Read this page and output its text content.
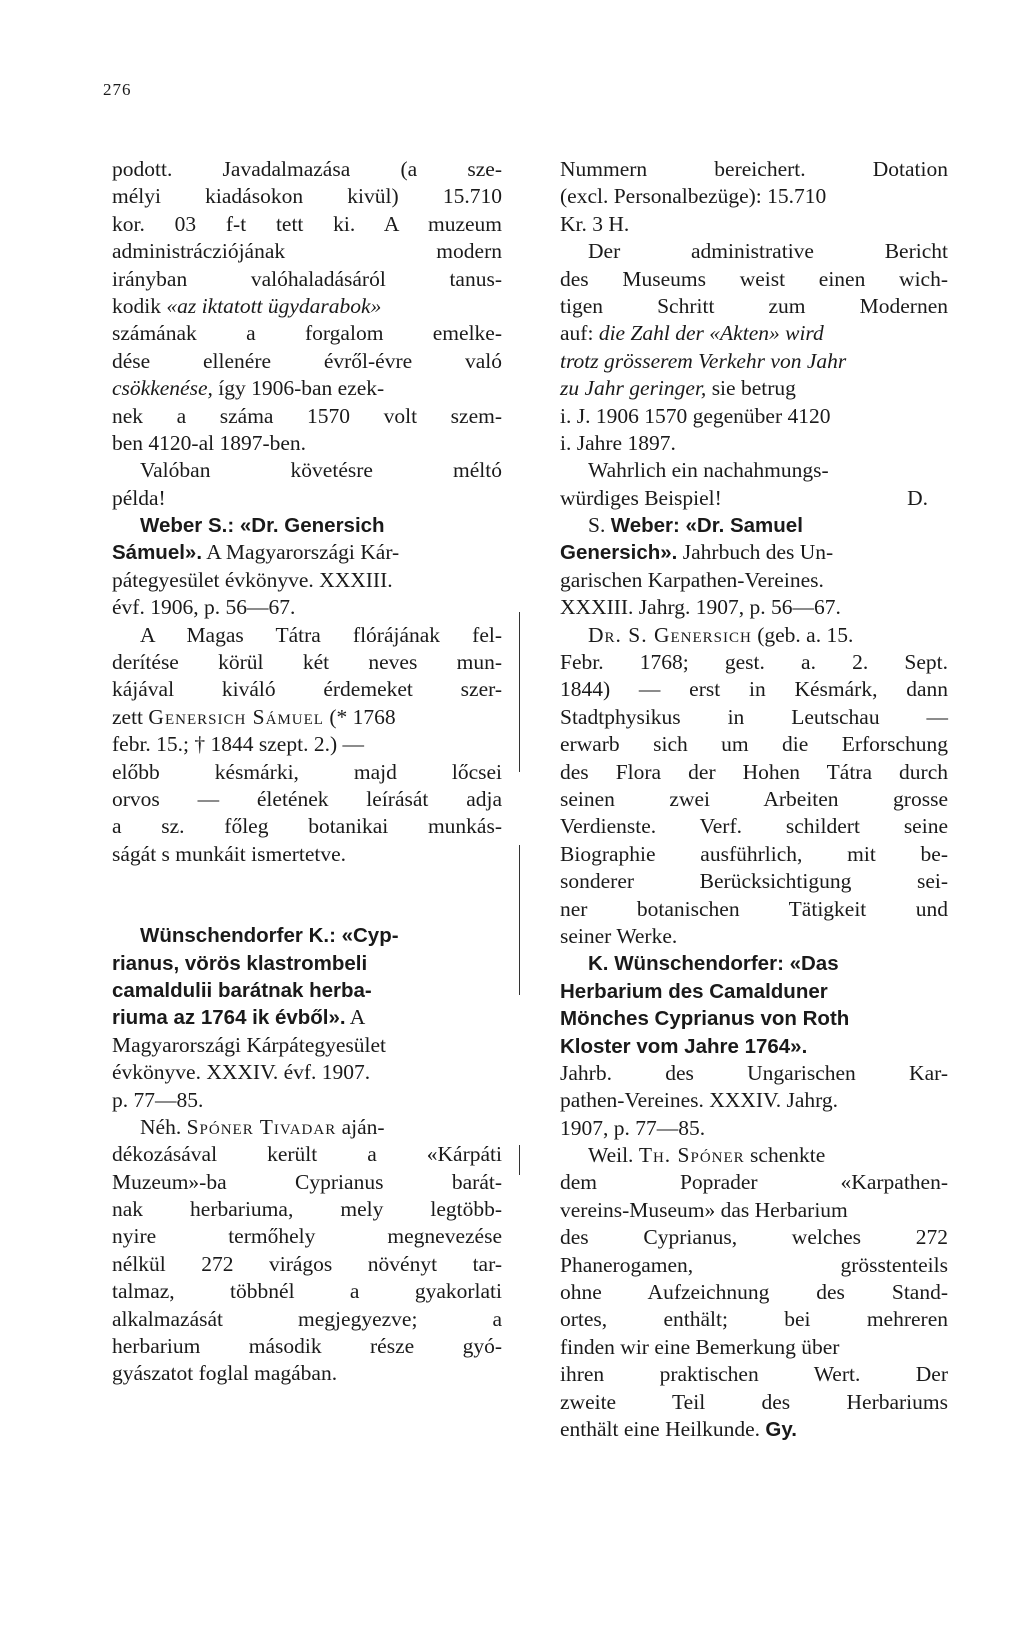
276
podott. Javadalmazása (a sze-
mélyi kiadásokon kivül) 15.710
kor. 03 f-t tett ki. A muzeum
administrácziójának modern
irányban valóhaladásáról tanus-
kodik «az iktatott ügydarabok»
számának a forgalom emelke-
dése ellenére évről-évre való
csökkenése, így 1906-ban ezek-
nek a száma 1570 volt szem-
ben 4120-al 1897-ben.
Valóban követésre méltó
példa!
Weber S.: «Dr. Genersich
Sámuel». A Magyarországi Kár-
pátegyesület évkönyve. XXXIII.
évf. 1906, p. 56—67.
A Magas Tátra flórájának fel-
derítése körül két neves mun-
kájával kiváló érdemeket szer-
zett Genersich Sámuel (* 1768
febr. 15.; † 1844 szept. 2.) —
előbb késmárki, majd lőcsei
orvos — életének leírását adja
a sz. főleg botanikai munkás-
ságát s munkáit ismertetve.
Wünschendorfer K.: «Cyp-
rianus, vörös klastrombeli
camaldulii barátnak herba-
riuma az 1764 ik évből». A
Magyarországi Kárpátegyesület
évkönyve. XXXIV. évf. 1907.
p. 77—85.
Néh. Spóner Tivadar aján-
dékozásával került a «Kárpáti
Muzeum»-ba Cyprianus barát-
nak herbariuma, mely legtöbb-
nyire termőhely megnevezése
nélkül 272 virágos növényt tar-
talmaz, többnél a gyakorlati
alkalmazását megjegyezve; a
herbarium második része gyó-
gyászatot foglal magában.
Nummern bereichert. Dotation
(excl. Personalbezüge): 15.710
Kr. 3 H.
Der administrative Bericht
des Museums weist einen wich-
tigen Schritt zum Modernen
auf: die Zahl der «Akten» wird
trotz grösserem Verkehr von Jahr
zu Jahr geringer, sie betrug
i. J. 1906 1570 gegenüber 4120
i. Jahre 1897.
Wahrlich ein nachahmungs-
würdiges Beispiel!	D.
S. Weber: «Dr. Samuel
Genersich». Jahrbuch des Un-
garischen Karpathen-Vereines.
XXXIII. Jahrg. 1907, p. 56—67.
Dr. S. Genersich (geb. a. 15.
Febr. 1768; gest. a. 2. Sept.
1844) — erst in Késmárk, dann
Stadtphysikus in Leutschau —
erwarb sich um die Erforschung
des Flora der Hohen Tátra durch
seinen zwei Arbeiten grosse
Verdienste. Verf. schildert seine
Biographie ausführlich, mit be-
sonderer Berücksichtigung sei-
ner botanischen Tätigkeit und
seiner Werke.
K. Wünschendorfer: «Das
Herbarium des Camalduner
Mönches Cyprianus von Roth
Kloster vom Jahre 1764».
Jahrb. des Ungarischen Kar-
pathen-Vereines. XXXIV. Jahrg.
1907, p. 77—85.
Weil. Th. Spóner schenkte
dem Poprader «Karpathen-
vereins-Museum» das Herbarium
des Cyprianus, welches 272
Phanerogamen, grösstenteils
ohne Aufzeichnung des Stand-
ortes, enthält; bei mehreren
finden wir eine Bemerkung über
ihren praktischen Wert. Der
zweite Teil des Herbariums
enthält eine Heilkunde. Gy.
